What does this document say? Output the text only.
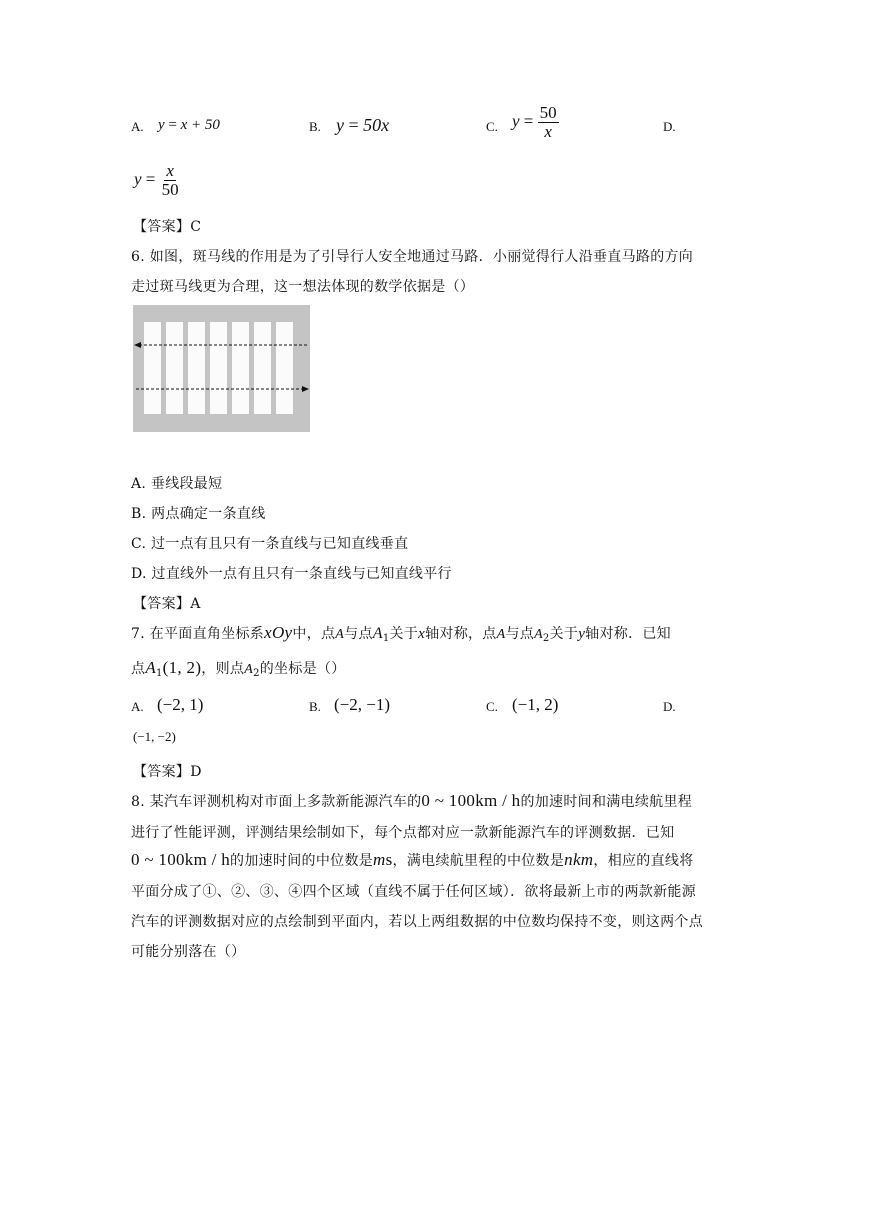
A. y = x + 50	B. y = 50x	C. $y = \frac{50}{x}$	D.
$y = \frac{x}{50}$
【答案】C
6. 如图，斑马线的作用是为了引导行人安全地通过马路．小丽觉得行人沿垂直马路的方向
走过斑马线更为合理，这一想法体现的数学依据是（）
A. 垂线段最短
B. 两点确定一条直线
C. 过一点有且只有一条直线与已知直线垂直
D. 过直线外一点有且只有一条直线与已知直线平行
【答案】A
7. 在平面直角坐标系xOy中，点A与点$A_1$关于x轴对称，点A与点$A_2$关于y轴对称．已知
点$A_1(1$, 2)，则点$A_2$的坐标是（）
A. (−2, 1)	B. (−2, −1)	C. (−1, 2)	D.
(−1, −2)
【答案】D
8. 某汽车评测机构对市面上多款新能源汽车的0 ~ 100km / h的加速时间和满电续航里程
进行了性能评测，评测结果绘制如下，每个点都对应一款新能源汽车的评测数据．已知
0 ~ 100km / h的加速时间的中位数是ms，满电续航里程的中位数是nkm，相应的直线将
平面分成了①、②、③、④四个区域（直线不属于任何区域）．欲将最新上市的两款新能源
汽车的评测数据对应的点绘制到平面内，若以上两组数据的中位数均保持不变，则这两个点
可能分别落在（）
